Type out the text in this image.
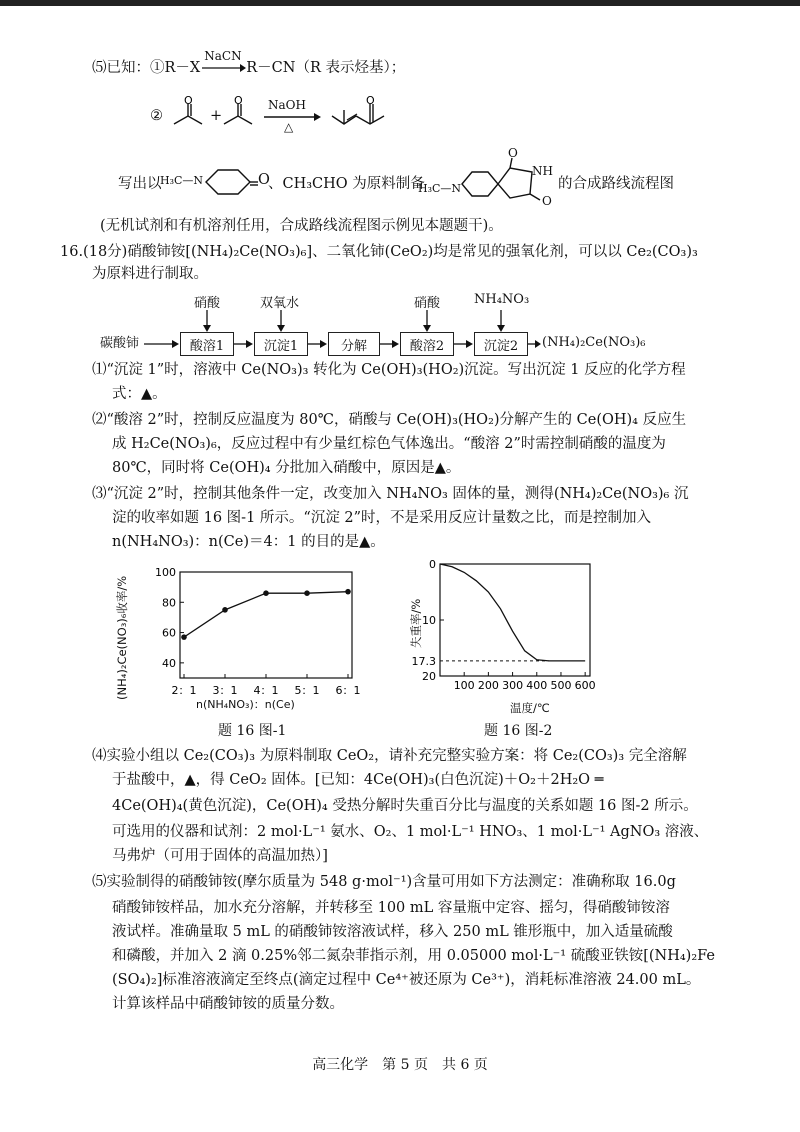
⑸已知：①R－X
NaCN
R－CN（R 表示烃基）；
②
O
+
O NaOH
△
O
写出以
H₃C—N	O
、CH₃CHO 为原料制备
H₃C—N
O
NH
O
的合成路线流程图
(无机试剂和有机溶剂任用，合成路线流程图示例见本题题干)。
16.(18分)硝酸铈铵[(NH₄)₂Ce(NO₃)₆]、二氧化铈(CeO₂)均是常见的强氧化剂，可以以 Ce₂(CO₃)₃
为原料进行制取。
碳酸铈	酸溶1	沉淀1	分解	酸溶2	沉淀2	(NH₄)₂Ce(NO₃)₆
硝酸	双氧水	硝酸	NH₄NO₃
⑴“沉淀 1”时，溶液中 Ce(NO₃)₃ 转化为 Ce(OH)₃(HO₂)沉淀。写出沉淀 1 反应的化学方程
式：▲。
⑵“酸溶 2”时，控制反应温度为 80℃，硝酸与 Ce(OH)₃(HO₂)分解产生的 Ce(OH)₄ 反应生
成 H₂Ce(NO₃)₆，反应过程中有少量红棕色气体逸出。“酸溶 2”时需控制硝酸的温度为
80℃，同时将 Ce(OH)₄ 分批加入硝酸中，原因是▲。
⑶“沉淀 2”时，控制其他条件一定，改变加入 NH₄NO₃ 固体的量，测得(NH₄)₂Ce(NO₃)₆ 沉
淀的收率如题 16 图-1 所示。“沉淀 2”时，不是采用反应计量数之比，而是控制加入
n(NH₄NO₃)：n(Ce)＝4：1 的目的是▲。
40
60
80
100
2：1 3：1 4：1 5：1 6：1
(NH₄)₂Ce(NO₃)₆收率/%
n(NH₄NO₃)：n(Ce)
题 16 图-1
0
10
20
100 200 300 400 500 600
17.3
失重率/%
温度/℃
题 16 图-2
⑷实验小组以 Ce₂(CO₃)₃ 为原料制取 CeO₂，请补充完整实验方案：将 Ce₂(CO₃)₃ 完全溶解
于盐酸中，▲，得 CeO₂ 固体。[已知：4Ce(OH)₃(白色沉淀)＋O₂＋2H₂O ═
4Ce(OH)₄(黄色沉淀)，Ce(OH)₄ 受热分解时失重百分比与温度的关系如题 16 图-2 所示。
可选用的仪器和试剂：2 mol·L⁻¹ 氨水、O₂、1 mol·L⁻¹ HNO₃、1 mol·L⁻¹ AgNO₃ 溶液、
马弗炉（可用于固体的高温加热）]
⑸实验制得的硝酸铈铵(摩尔质量为 548 g·mol⁻¹)含量可用如下方法测定：准确称取 16.0g
硝酸铈铵样品，加水充分溶解，并转移至 100 mL 容量瓶中定容、摇匀，得硝酸铈铵溶
液试样。准确量取 5 mL 的硝酸铈铵溶液试样，移入 250 mL 锥形瓶中，加入适量硫酸
和磷酸，并加入 2 滴 0.25%邻二氮杂菲指示剂，用 0.05000 mol·L⁻¹ 硫酸亚铁铵[(NH₄)₂Fe
(SO₄)₂]标准溶液滴定至终点(滴定过程中 Ce⁴⁺被还原为 Ce³⁺)，消耗标准溶液 24.00 mL。
计算该样品中硝酸铈铵的质量分数。
高三化学　第 5 页　共 6 页
